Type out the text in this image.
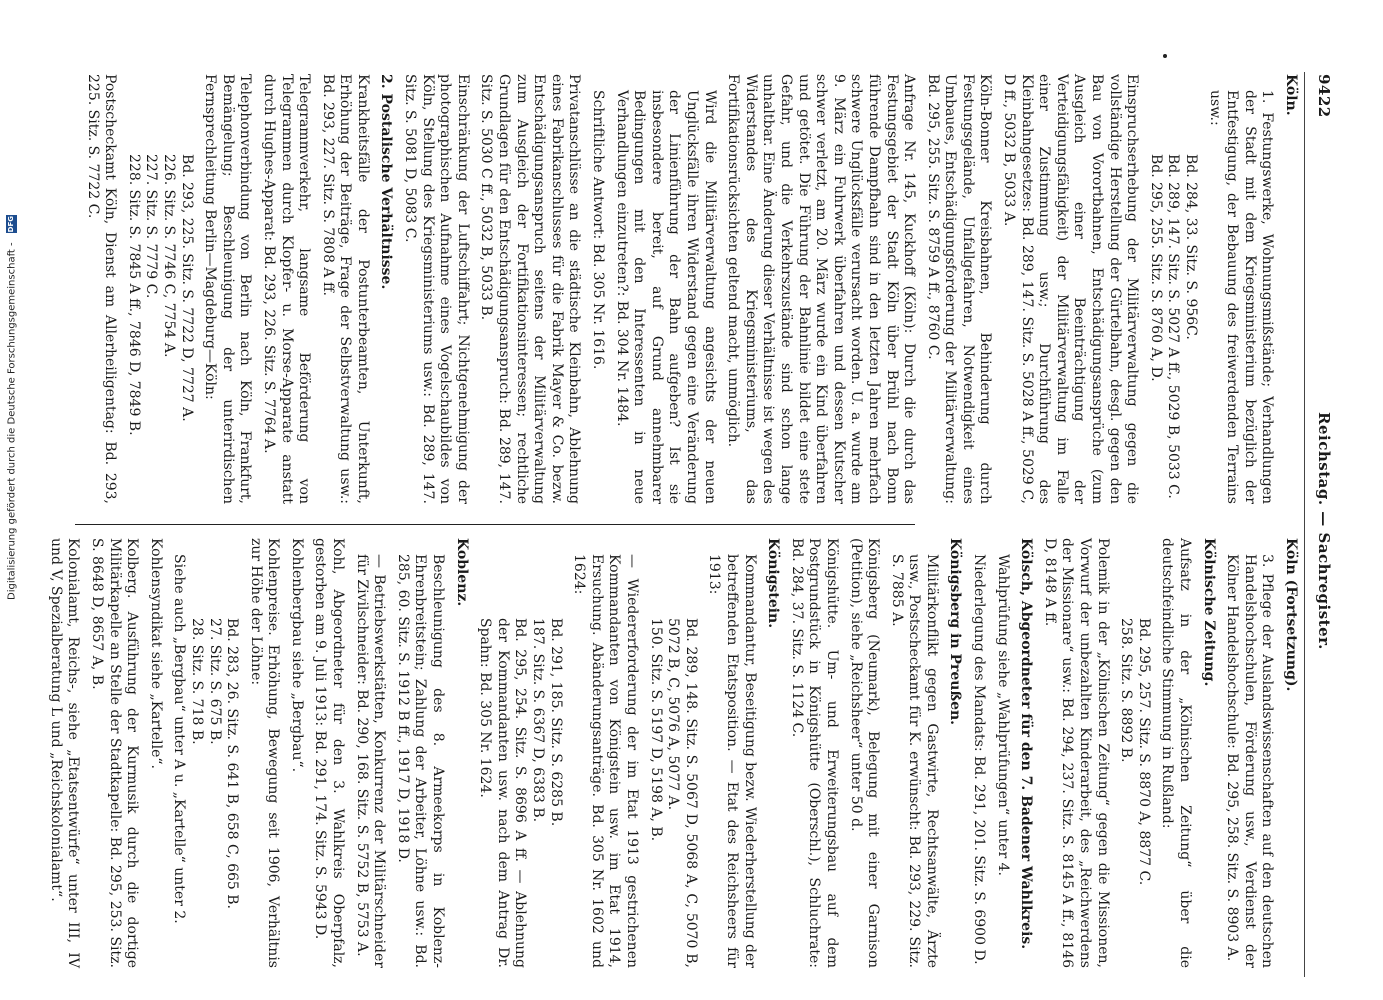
9422
Reichstag. — Sachregister.
Köln.
1. Festungswerke, Wohnungsmißstände; Verhandlungen der Stadt mit dem Kriegsministerium bezüglich der Entfestigung, der Bebauung des freiwerdenden Terrains usw.:
Bd. 284, 33. Sitz. S. 956C.
Bd. 289, 147. Sitz. S. 5027 A ff., 5029 B, 5033 C.
Bd. 295, 255. Sitz. S. 8760 A, D.
Einspruchserhebung der Militärverwaltung gegen die vollständige Herstellung der Gürtelbahn, desgl. gegen den Bau von Vorortbahnen, Entschädigungsansprüche (zum Ausgleich einer Beeinträchtigung der Verteidigungsfähigkeit) der Militärverwaltung im Falle einer Zustimmung usw.; Durchführung des Kleinbahngesetzes: Bd. 289, 147. Sitz. S. 5028 A ff., 5029 C, D ff., 5032 B, 5033 A.
Köln-Bonner Kreisbahnen, Behinderung durch Festungsgelände, Unfallgefahren, Notwendigkeit eines Umbaues, Entschädigungsforderung der Militärverwaltung: Bd. 295, 255. Sitz. S. 8759 A ff., 8760 C.
Anfrage Nr. 145, Kuckhoff (Köln): Durch die durch das Festungsgebiet der Stadt Köln über Brühl nach Bonn führende Dampfbahn sind in den letzten Jahren mehrfach schwere Unglücksfälle verursacht worden. U. a. wurde am 9. März ein Fuhrwerk überfahren und dessen Kutscher schwer verletzt, am 20. März wurde ein Kind überfahren und getötet. Die Führung der Bahnlinie bildet eine stete Gefahr, und die Verkehrszustände sind schon lange unhaltbar. Eine Änderung dieser Verhältnisse ist wegen des Widerstandes des Kriegsministeriums, das Fortifikationsrücksichten geltend macht, unmöglich.
Wird die Militärverwaltung angesichts der neuen Unglücksfälle ihren Widerstand gegen eine Veränderung der Linienführung der Bahn aufgeben? Ist sie insbesondere bereit, auf Grund annehmbarer Bedingungen mit den Interessenten in neue Verhandlungen einzutreten?: Bd. 304 Nr. 1484.
Schriftliche Antwort: Bd. 305 Nr. 1616.
Privatanschlüsse an die städtische Kleinbahn, Ablehnung eines Fabrikanschlusses für die Fabrik Mayer & Co. bezw. Entschädigungsanspruch seitens der Militärverwaltung zum Ausgleich der Fortifikationsinteressen; rechtliche Grundlagen für den Entschädigungsanspruch: Bd. 289, 147. Sitz. S. 5030 C ff., 5032 B, 5033 B.
Einschränkung der Luftschiffahrt; Nichtgenehmigung der photographischen Aufnahme eines Vogelschaubildes von Köln, Stellung des Kriegsministeriums usw.: Bd. 289, 147. Sitz. S. 5081 D, 5083 C.
2. Postalische Verhältnisse.
Krankheitsfälle der Postunterbeamten, Unterkunft, Erhöhung der Beiträge, Frage der Selbstverwaltung usw.: Bd. 293, 227. Sitz. S. 7808 A ff.
Telegrammverkehr, langsame Beförderung von Telegrammen durch Klopfer- u. Morse-Apparate anstatt durch Hughes-Apparat: Bd. 293, 226. Sitz. S. 7764 A.
Telephonverbindung von Berlin nach Köln, Frankfurt, Bemängelung; Beschleunigung der unterirdischen Fernsprechleitung Berlin—Magdeburg—Köln:
Bd. 293, 225. Sitz. S. 7722 D, 7727 A.
226. Sitz. S. 7746 C, 7754 A.
227. Sitz. S. 7779 C.
228. Sitz. S. 7845 A ff., 7846 D, 7849 B.
Postscheckamt Köln, Dienst am Allerheiligentag: Bd. 293, 225. Sitz. S. 7722 C.
Köln (Fortsetzung).
3. Pflege der Auslandswissenschaften auf den deutschen Handelshochschulen, Förderung usw., Verdienst der Kölner Handelshochschule: Bd. 295, 258. Sitz. S. 8903 A.
Kölnische Zeitung.
Aufsatz in der „Kölnischen Zeitung“ über die deutschfeindliche Stimmung in Rußland:
Bd. 295, 257. Sitz. S. 8870 A, 8877 C.
258. Sitz. S. 8892 B.
Polemik in der „Kölnischen Zeitung“ gegen die Missionen, Vorwurf der unbezahlten Kinderarbeit, des „Reichwerdens der Missionare“ usw.: Bd. 294, 237. Sitz. S. 8145 A ff., 8146 D, 8148 A ff.
Kölsch, Abgeordneter für den 7. Badener Wahlkreis.
Wahlprüfung siehe „Wahlprüfungen“ unter 4.
Niederlegung des Mandats: Bd. 291, 201. Sitz. S. 6900 D.
Königsberg in Preußen.
Militärkonflikt gegen Gastwirte, Rechtsanwälte, Ärzte usw., Postscheckamt für K. erwünscht: Bd. 293, 229. Sitz. S. 7885 A.
Königsberg (Neumark), Belegung mit einer Garnison (Petition), siehe „Reichsheer“ unter 50 d.
Königshütte. Um- und Erweiterungsbau auf dem Postgrundstück in Königshütte (Oberschl.), Schluchrate: Bd. 284, 37. Sitz. S. 1124 C.
Königstein.
Kommandantur, Beseitigung bezw. Wiederherstellung der betreffenden Etatsposition. — Etat des Reichsheers für 1913:
Bd. 289, 148. Sitz. S. 5067 D, 5068 A, C, 5070 B, 5072 B, C, 5076 A, 5077 A.
150. Sitz. S. 5197 D, 5198 A, B.
— Wiedererforderung der im Etat 1913 gestrichenen Kommandanten von Königstein usw. im Etat 1914, Ersuchung. Abänderungsanträge. Bd. 305 Nr. 1602 und 1624:
Bd. 291, 185. Sitz. S. 6285 B.
187. Sitz. S. 6367 D, 6383 B.
Bd. 295, 254. Sitz. S. 8696 A ff. — Ablehnung der Kommandanten usw. nach dem Antrag Dr. Spahn: Bd. 305 Nr. 1624.
Koblenz.
Beschleunigung des 8. Armeekorps in Koblenz-Ehrenbreitstein; Zahlung der Arbeiter, Löhne usw.: Bd. 285, 60. Sitz. S. 1912 B ff., 1917 D, 1918 D.
— Betriebswerkstätten, Konkurrenz der Militärschneider für Zivilschneider: Bd. 290, 168. Sitz. S. 5752 B, 5753 A.
Kohl, Abgeordneter für den 3. Wahlkreis Oberpfalz, gestorben am 9. Juli 1913: Bd. 291, 174. Sitz. S. 5943 D.
Kohlenbergbau siehe „Bergbau“.
Kohlenpreise. Erhöhung, Bewegung seit 1906, Verhältnis zur Höhe der Löhne:
Bd. 283, 26. Sitz. S. 641 B, 658 C, 665 B.
27. Sitz. S. 675 B.
28. Sitz. S. 718 B.
Siehe auch „Bergbau“ unter A u. „Kartelle“ unter 2.
Kohlensyndikat siehe „Kartelle“.
Kolberg. Ausführung der Kurmusik durch die dortige Militärkapelle an Stelle der Stadtkapelle: Bd. 295, 253. Sitz. S. 8648 D, 8657 A, B.
Kolonialamt, Reichs-, siehe „Etatsentwürfe“ unter III, IV und V, Spezialberatung L und „Reichskolonialamt“.
Digitalisierung gefördert durch die Deutsche Forschungsgemeinschaft - DFG
